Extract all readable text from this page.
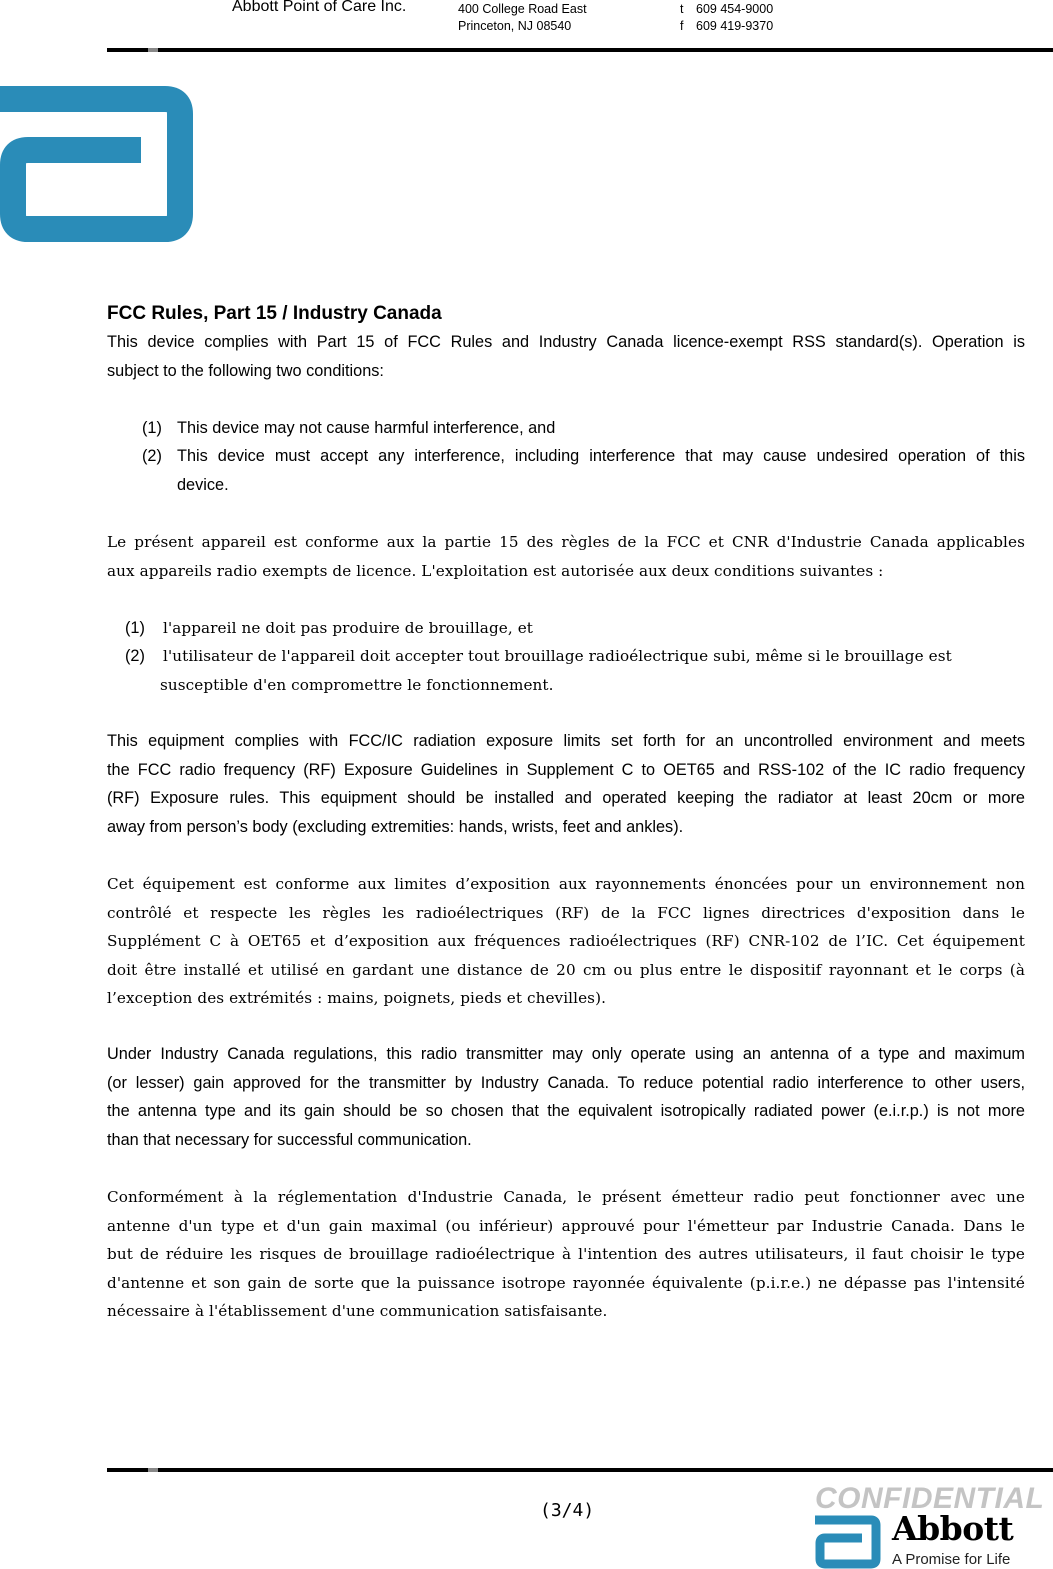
Abbott Point of Care Inc.	400 College Road East
Princeton, NJ 08540
t 609 454-9000
f 609 419-9370
FCC Rules, Part 15 / Industry Canada
This device complies with Part 15 of FCC Rules and Industry Canada licence-exempt RSS standard(s). Operation is
subject to the following two conditions:
(1) This device may not cause harmful interference, and
(2) This device must accept any interference, including interference that may cause undesired operation of this
device.
Le présent appareil est conforme aux la partie 15 des règles de la FCC et CNR d'Industrie Canada applicables
aux appareils radio exempts de licence. L'exploitation est autorisée aux deux conditions suivantes :
(1) l'appareil ne doit pas produire de brouillage, et
(2) l'utilisateur de l'appareil doit accepter tout brouillage radioélectrique subi, même si le brouillage est
susceptible d'en compromettre le fonctionnement.
This equipment complies with FCC/IC radiation exposure limits set forth for an uncontrolled environment and meets
the FCC radio frequency (RF) Exposure Guidelines in Supplement C to OET65 and RSS-102 of the IC radio frequency
(RF) Exposure rules. This equipment should be installed and operated keeping the radiator at least 20cm or more
away from person’s body (excluding extremities: hands, wrists, feet and ankles).
Cet équipement est conforme aux limites d’exposition aux rayonnements énoncées pour un environnement non
contrôlé et respecte les règles les radioélectriques (RF) de la FCC lignes directrices d'exposition dans le
Supplément C à OET65 et d’exposition aux fréquences radioélectriques (RF) CNR-102 de l’IC. Cet équipement
doit être installé et utilisé en gardant une distance de 20 cm ou plus entre le dispositif rayonnant et le corps (à
l’exception des extrémités : mains, poignets, pieds et chevilles).
Under Industry Canada regulations, this radio transmitter may only operate using an antenna of a type and maximum
(or lesser) gain approved for the transmitter by Industry Canada. To reduce potential radio interference to other users,
the antenna type and its gain should be so chosen that the equivalent isotropically radiated power (e.i.r.p.) is not more
than that necessary for successful communication.
Conformément à la réglementation d'Industrie Canada, le présent émetteur radio peut fonctionner avec une
antenne d'un type et d'un gain maximal (ou inférieur) approuvé pour l'émetteur par Industrie Canada. Dans le
but de réduire les risques de brouillage radioélectrique à l'intention des autres utilisateurs, il faut choisir le type
d'antenne et son gain de sorte que la puissance isotrope rayonnée équivalente (p.i.r.e.) ne dépasse pas l'intensité
nécessaire à l'établissement d'une communication satisfaisante.
(3/4)	CONFIDENTIAL
Abbott
A Promise for Life
